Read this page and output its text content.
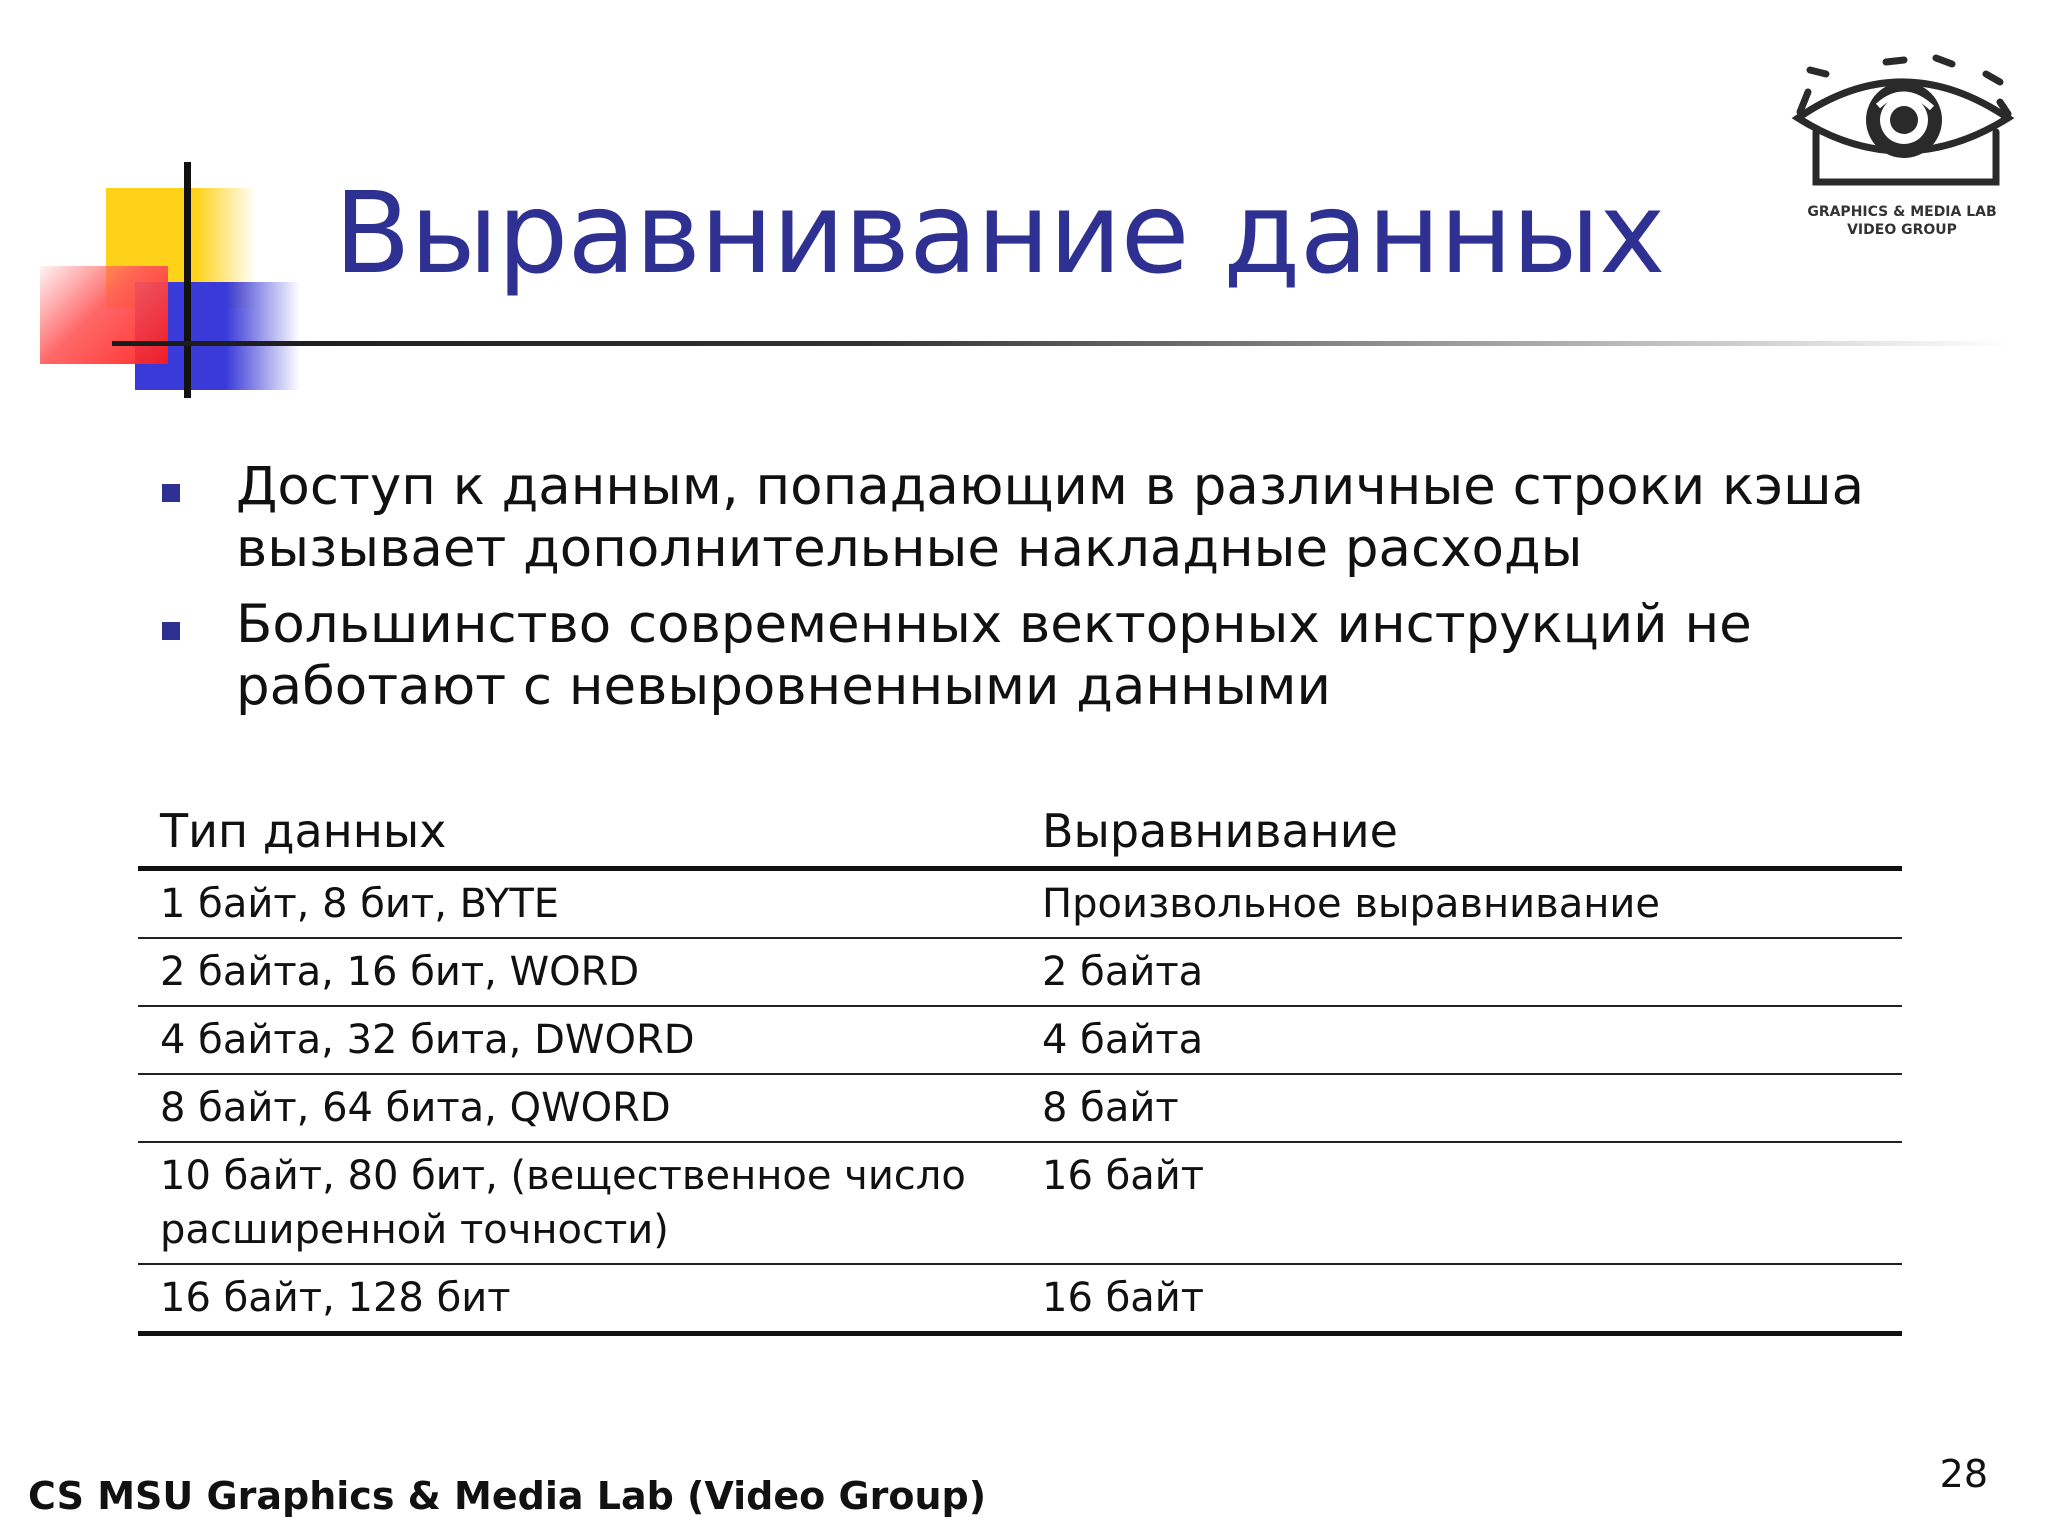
Выравнивание данных	GRAPHICS & MEDIA LAB
VIDEO GROUP
Доступ к данным, попадающим в различные строки кэша вызывает дополнительные накладные расходы
Большинство современных векторных инструкций не работают с невыровненными данными
Тип данных	Выравнивание
1 байт, 8 бит, BYTE	Произвольное выравнивание
2 байта, 16 бит, WORD	2 байта
4 байта, 32 бита, DWORD	4 байта
8 байт, 64 бита, QWORD	8 байт
10 байт, 80 бит, (вещественное число расширенной точности)	16 байт
16 байт, 128 бит	16 байт
CS MSU Graphics & Media Lab (Video Group)	28
